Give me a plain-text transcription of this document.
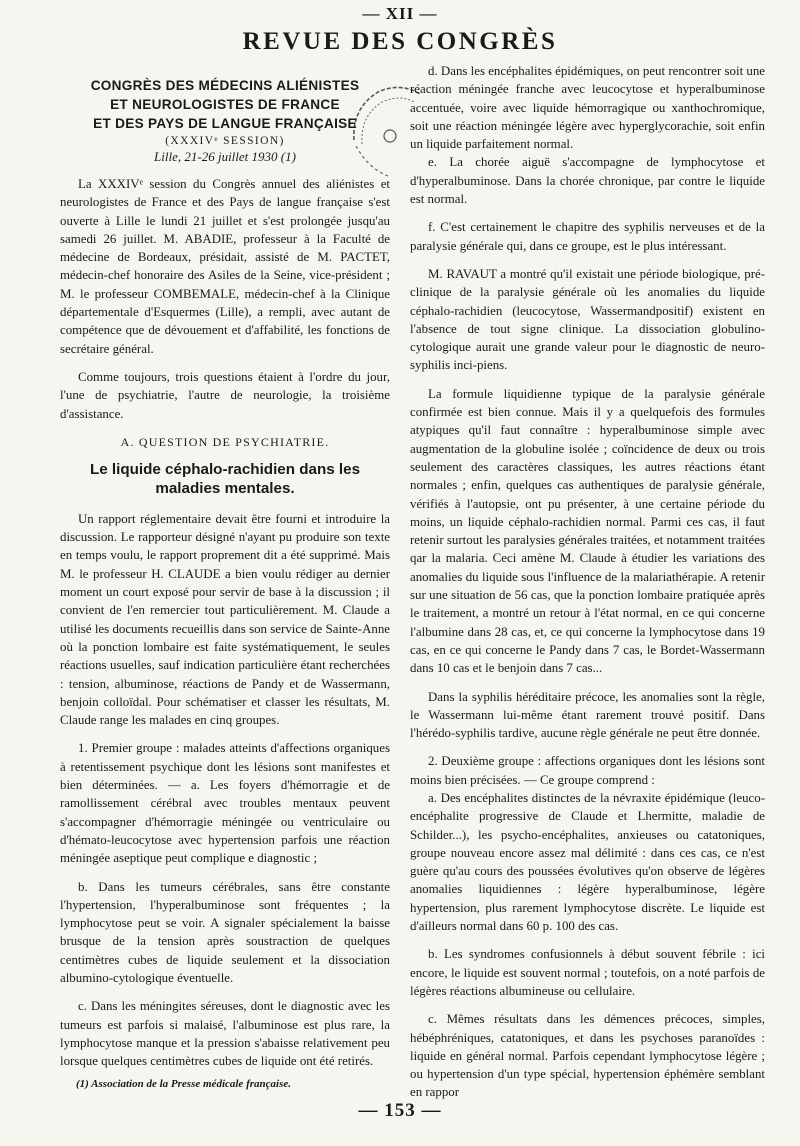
— XII —
REVUE DES CONGRÈS
CONGRÈS DES MÉDECINS ALIÉNISTES
ET NEUROLOGISTES DE FRANCE
ET DES PAYS DE LANGUE FRANÇAISE
(XXXIVᵉ SESSION)
Lille, 21-26 juillet 1930 (1)

La XXXIVᵉ session du Congrès annuel des aliénistes et neurologistes de France et des Pays de langue française s'est ouverte à Lille le lundi 21 juillet et s'est prolongée jusqu'au samedi 26 juillet. M. ABADIE, professeur à la Faculté de médecine de Bordeaux, présidait, assisté de M. PACTET, médecin-chef honoraire des Asiles de la Seine, vice-président ; M. le professeur COMBEMALE, médecin-chef à la Clinique départementale d'Esquermes (Lille), a rempli, avec autant de compétence que de dévouement et d'affabilité, les fonctions de secrétaire général.

Comme toujours, trois questions étaient à l'ordre du jour, l'une de psychiatrie, l'autre de neurologie, la troisième d'assistance.

A. QUESTION DE PSYCHIATRIE.
Le liquide céphalo-rachidien dans les maladies mentales.

Un rapport réglementaire devait être fourni et introduire la discussion. Le rapporteur désigné n'ayant pu produire son texte en temps voulu, le rapport proprement dit a été supprimé. Mais M. le professeur H. CLAUDE a bien voulu rédiger au dernier moment un court exposé pour servir de base à la discussion ; il convient de l'en remercier tout particulièrement. M. Claude a utilisé les documents recueillis dans son service de Sainte-Anne où la ponction lombaire est faite systématiquement, le seules réactions usuelles, sauf indication particulière étant recherchées : tension, albuminose, réactions de Pandy et de Wassermann, benjoin colloïdal. Pour schématiser et classer les résultats, M. Claude range les malades en cinq groupes.

1. Premier groupe : malades atteints d'affections organiques à retentissement psychique dont les lésions sont manifestes et bien déterminées. — a. Les foyers d'hémorragie et de ramollissement cérébral avec troubles mentaux peuvent s'accompagner d'hémorragie méningée ou ventriculaire ou d'hémato-leucocytose avec hypertension parfois une réaction méningée aseptique peut complique e diagnostic ;

b. Dans les tumeurs cérébrales, sans être constante l'hypertension, l'hyperalbuminose sont fréquentes ; la lymphocytose peut se voir. A signaler spécialement la baisse brusque de la tension après soustraction de quelques centimètres cubes de liquide seulement et la dissociation albumino-cytologique éventuelle.

c. Dans les méningites séreuses, dont le diagnostic avec les tumeurs est parfois si malaisé, l'albuminose est plus rare, la lymphocytose manque et la pression s'abaisse relativement peu lorsque quelques centimètres cubes de liquide ont été retirés.

d. Dans les encéphalites épidémiques, on peut rencontrer soit une réaction méningée franche avec leucocytose et hyperalbuminose accentuée, voire avec liquide hémorragique ou xanthochromique, soit une réaction méningée légère avec hyperglycorachie, soit enfin un liquide parfaitement normal.

e. La chorée aiguë s'accompagne de lymphocytose et d'hyperalbuminose. Dans la chorée chronique, par contre le liquide est normal.

f. C'est certainement le chapitre des syphilis nerveuses et de la paralysie générale qui, dans ce groupe, est le plus intéressant.

M. RAVAUT a montré qu'il existait une période biologique, pré-clinique de la paralysie générale où les anomalies du liquide céphalo-rachidien (leucocytose, Wassermandpositif) existent en l'absence de tout signe clinique. La dissociation globulino-cytologique aurait une grande valeur pour le diagnostic de neuro-syphilis inci-piens.

La formule liquidienne typique de la paralysie générale confirmée est bien connue. Mais il y a quelquefois des formules atypiques qu'il faut connaître : hyperalbuminose simple avec augmentation de la globuline isolée ; coïncidence de deux ou trois seulement des caractères classiques, les autres réactions étant normales ; enfin, quelques cas authentiques de paralysie générale, vérifiés à l'autopsie, ont pu présenter, à une certaine période du moins, un liquide céphalo-rachidien normal. Parmi ces cas, il faut retenir surtout les paralysies générales traitées, et notamment traitées qar la malaria. Ceci amène M. Claude à étudier les variations des anomalies du liquide sous l'influence de la malariathérapie. A retenir sur une situation de 56 cas, que la ponction lombaire pratiquée après le traitement, a montré un retour à l'état normal, en ce qui concerne l'albumine dans 28 cas, et, ce qui concerne la lymphocytose dans 19 cas, en ce qui concerne le Pandy dans 7 cas, le Bordet-Wassermann dans 10 cas et le benjoin dans 7 cas...

Dans la syphilis héréditaire précoce, les anomalies sont la règle, le Wassermann lui-même étant rarement trouvé positif. Dans l'hérédo-syphilis tardive, aucune règle générale ne peut être donnée.

2. Deuxième groupe : affections organiques dont les lésions sont moins bien précisées. — Ce groupe comprend :

a. Des encéphalites distinctes de la névraxite épidémique (leuco-encéphalite progressive de Claude et Lhermitte, maladie de Schilder...), les psycho-encéphalites, anxieuses ou catatoniques, groupe nouveau encore assez mal délimité : dans ces cas, ce n'est guère qu'au cours des poussées évolutives qu'on observe de légères anomalies liquidiennes : légère hyperalbuminose, légère hypertension, plus rarement lymphocytose discrète. Le liquide est d'ailleurs normal dans 60 p. 100 des cas.

b. Les syndromes confusionnels à début souvent fébrile : ici encore, le liquide est souvent normal ; toutefois, on a noté parfois de légères réactions albumineuse ou cellulaire.

c. Mêmes résultats dans les démences précoces, simples, hébéphréniques, catatoniques, et dans les psychoses paranoïdes : liquide en général normal. Parfois cependant lymphocytose légère ; ou hypertension d'un type spécial, hypertension éphémère semblant en rappor

(1) Association de la Presse médicale française.
— 153 —
